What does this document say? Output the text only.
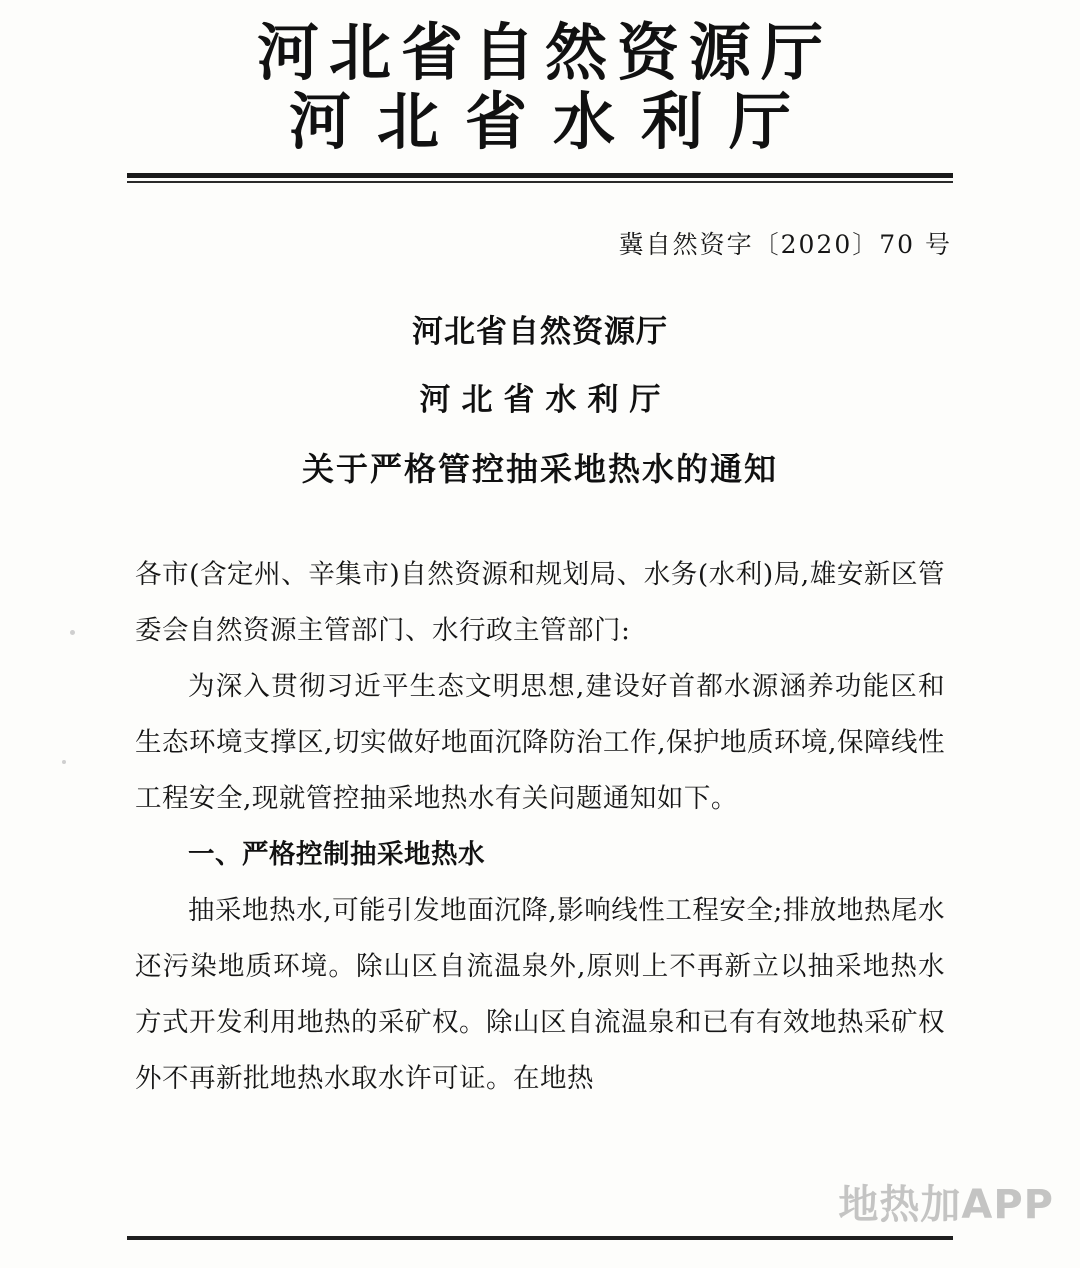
河北省自然资源厅
河北省水利厅
冀自然资字〔2020〕70 号
河北省自然资源厅
河北省水利厅
关于严格管控抽采地热水的通知

各市(含定州、辛集市)自然资源和规划局、水务(水利)局,雄安新区管委会自然资源主管部门、水行政主管部门:

为深入贯彻习近平生态文明思想,建设好首都水源涵养功能区和生态环境支撑区,切实做好地面沉降防治工作,保护地质环境,保障线性工程安全,现就管控抽采地热水有关问题通知如下。

一、严格控制抽采地热水

抽采地热水,可能引发地面沉降,影响线性工程安全;排放地热尾水还污染地质环境。除山区自流温泉外,原则上不再新立以抽采地热水方式开发利用地热的采矿权。除山区自流温泉和已有有效地热采矿权外不再新批地热水取水许可证。在地热

地热加APP
